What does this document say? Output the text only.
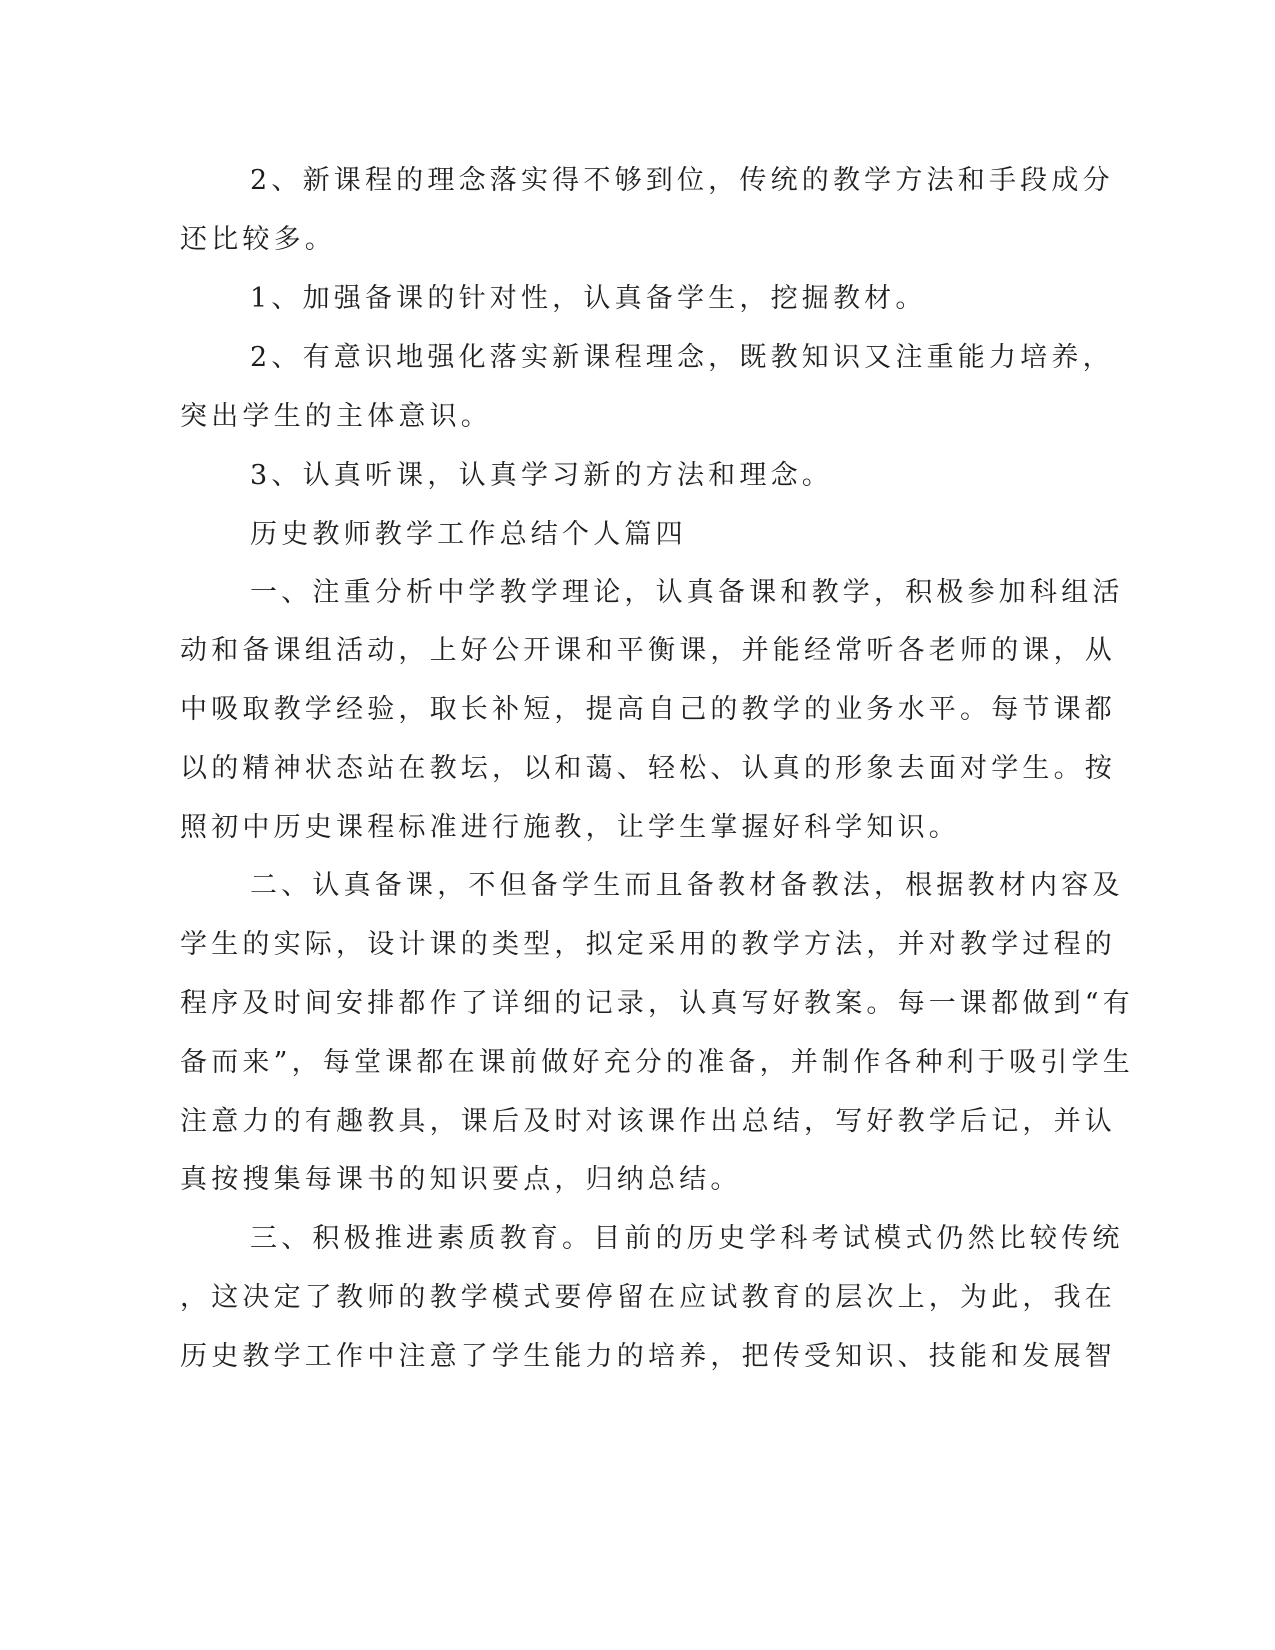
2、新课程的理念落实得不够到位，传统的教学方法和手段成分

还比较多。

1、加强备课的针对性，认真备学生，挖掘教材。

2、有意识地强化落实新课程理念，既教知识又注重能力培养，

突出学生的主体意识。

3、认真听课，认真学习新的方法和理念。

历史教师教学工作总结个人篇四

一、注重分析中学教学理论，认真备课和教学，积极参加科组活

动和备课组活动，上好公开课和平衡课，并能经常听各老师的课，从

中吸取教学经验，取长补短，提高自己的教学的业务水平。每节课都

以的精神状态站在教坛，以和蔼、轻松、认真的形象去面对学生。按

照初中历史课程标准进行施教，让学生掌握好科学知识。

二、认真备课，不但备学生而且备教材备教法，根据教材内容及

学生的实际，设计课的类型，拟定采用的教学方法，并对教学过程的

程序及时间安排都作了详细的记录，认真写好教案。每一课都做到“有

备而来”，每堂课都在课前做好充分的准备，并制作各种利于吸引学生

注意力的有趣教具，课后及时对该课作出总结，写好教学后记，并认

真按搜集每课书的知识要点，归纳总结。

三、积极推进素质教育。目前的历史学科考试模式仍然比较传统

，这决定了教师的教学模式要停留在应试教育的层次上，为此，我在

历史教学工作中注意了学生能力的培养，把传受知识、技能和发展智
